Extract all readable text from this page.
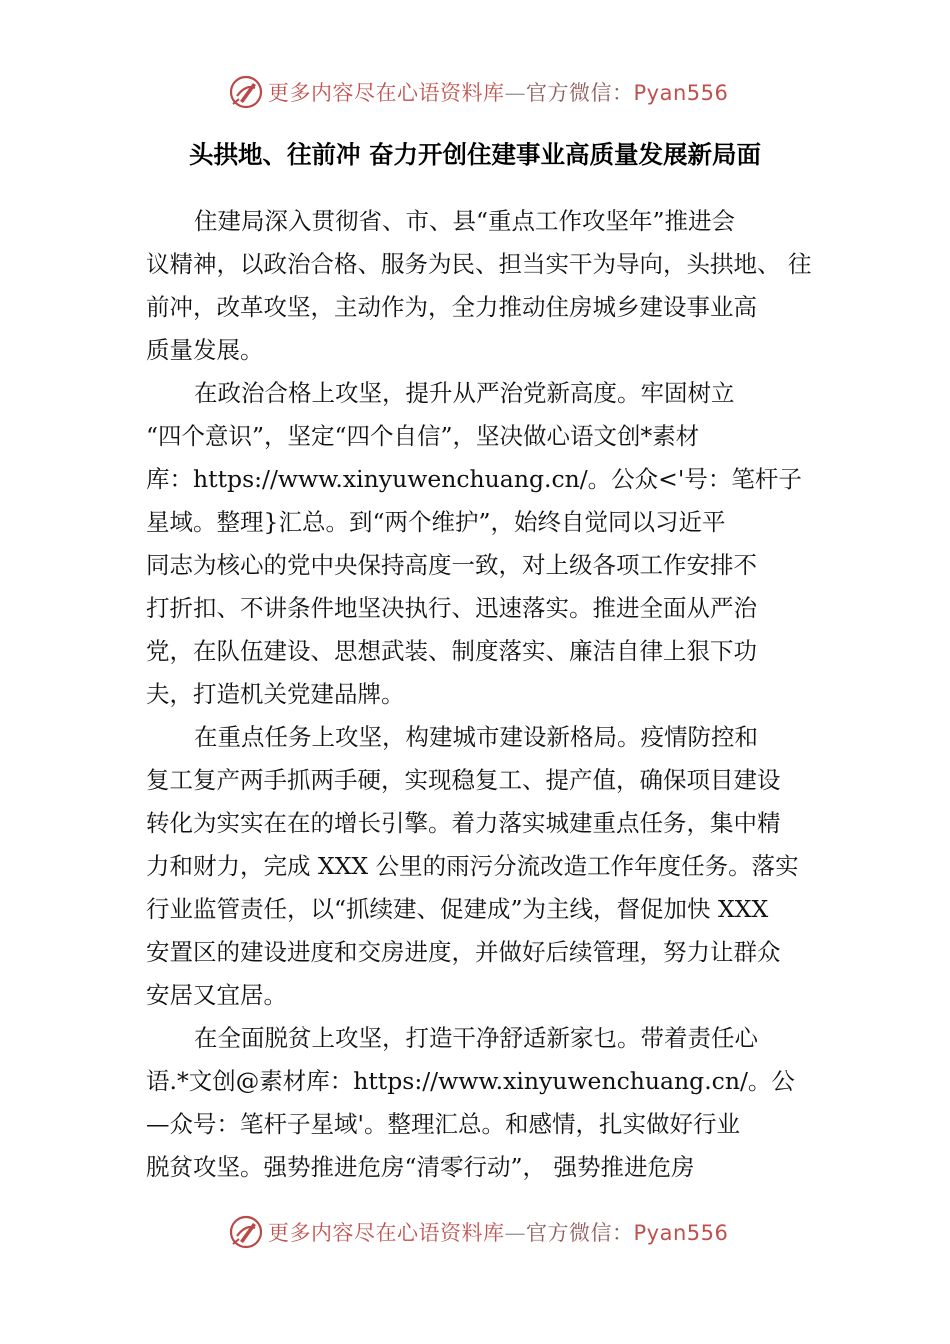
更多内容尽在心语资料库—官方微信：Pyan556
头拱地、往前冲 奋力开创住建事业高质量发展新局面
住建局深入贯彻省、市、县“重点工作攻坚年”推进会
议精神，以政治合格、服务为民、担当实干为导向，头拱地、 往
前冲，改革攻坚，主动作为，全力推动住房城乡建设事业高
质量发展。
在政治合格上攻坚，提升从严治党新高度。牢固树立
“四个意识”，坚定“四个自信”，坚决做心语文创*素材
库：https://www.xinyuwenchuang.cn/。公众<'号：笔杆子
星域。整理}汇总。到“两个维护”，始终自觉同以习近平
同志为核心的党中央保持高度一致，对上级各项工作安排不
打折扣、不讲条件地坚决执行、迅速落实。推进全面从严治
党，在队伍建设、思想武装、制度落实、廉洁自律上狠下功
夫，打造机关党建品牌。
在重点任务上攻坚，构建城市建设新格局。疫情防控和
复工复产两手抓两手硬，实现稳复工、提产值，确保项目建设
转化为实实在在的增长引擎。着力落实城建重点任务，集中精
力和财力，完成 XXX 公里的雨污分流改造工作年度任务。落实
行业监管责任，以“抓续建、促建成”为主线，督促加快 XXX
安置区的建设进度和交房进度，并做好后续管理，努力让群众
安居又宜居。
在全面脱贫上攻坚，打造干净舒适新家乜。带着责任心
语.*文创@素材库：https://www.xinyuwenchuang.cn/。公
—众号：笔杆子星域'。整理汇总。和感情，扎实做好行业
脱贫攻坚。强势推进危房“清零行动”， 强势推进危房
更多内容尽在心语资料库—官方微信：Pyan556
